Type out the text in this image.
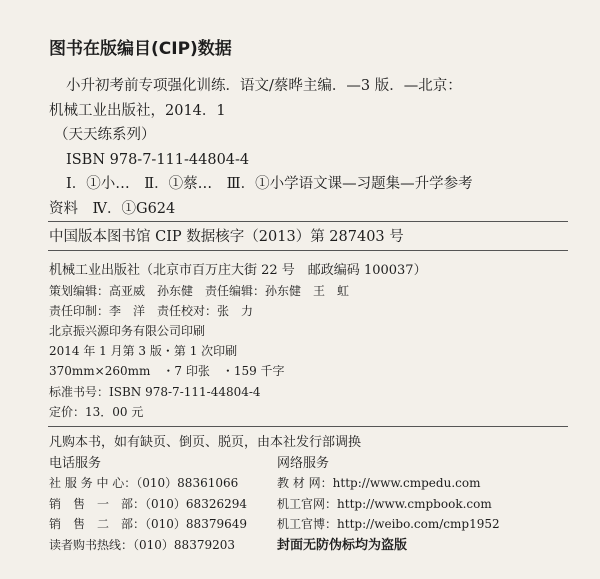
图书在版编目(CIP)数据
小升初考前专项强化训练．语文/蔡晔主编．—3 版．—北京：
机械工业出版社，2014．1
（天天练系列）
ISBN 978-7-111-44804-4
Ⅰ．①小…　Ⅱ．①蔡…　Ⅲ．①小学语文课—习题集—升学参考
资料　Ⅳ．①G624
中国版本图书馆 CIP 数据核字（2013）第 287403 号
机械工业出版社（北京市百万庄大街 22 号　邮政编码 100037）
策划编辑：高亚威　孙东健　责任编辑：孙东健　王　虹
责任印制：李　洋　责任校对：张　力
北京振兴源印务有限公司印刷
2014 年 1 月第 3 版・第 1 次印刷
370mm×260mm　・7 印张　・159 千字
标准书号：ISBN 978-7-111-44804-4
定价：13．00 元
凡购本书，如有缺页、倒页、脱页，由本社发行部调换
电话服务	网络服务
社 服 务 中 心：（010）88361066
销　售　一　部：（010）68326294
销　售　二　部：（010）88379649
读者购书热线：（010）88379203
教 材 网：http://www.cmpedu.com
机工官网：http://www.cmpbook.com
机工官博：http://weibo.com/cmp1952
封面无防伪标均为盗版
